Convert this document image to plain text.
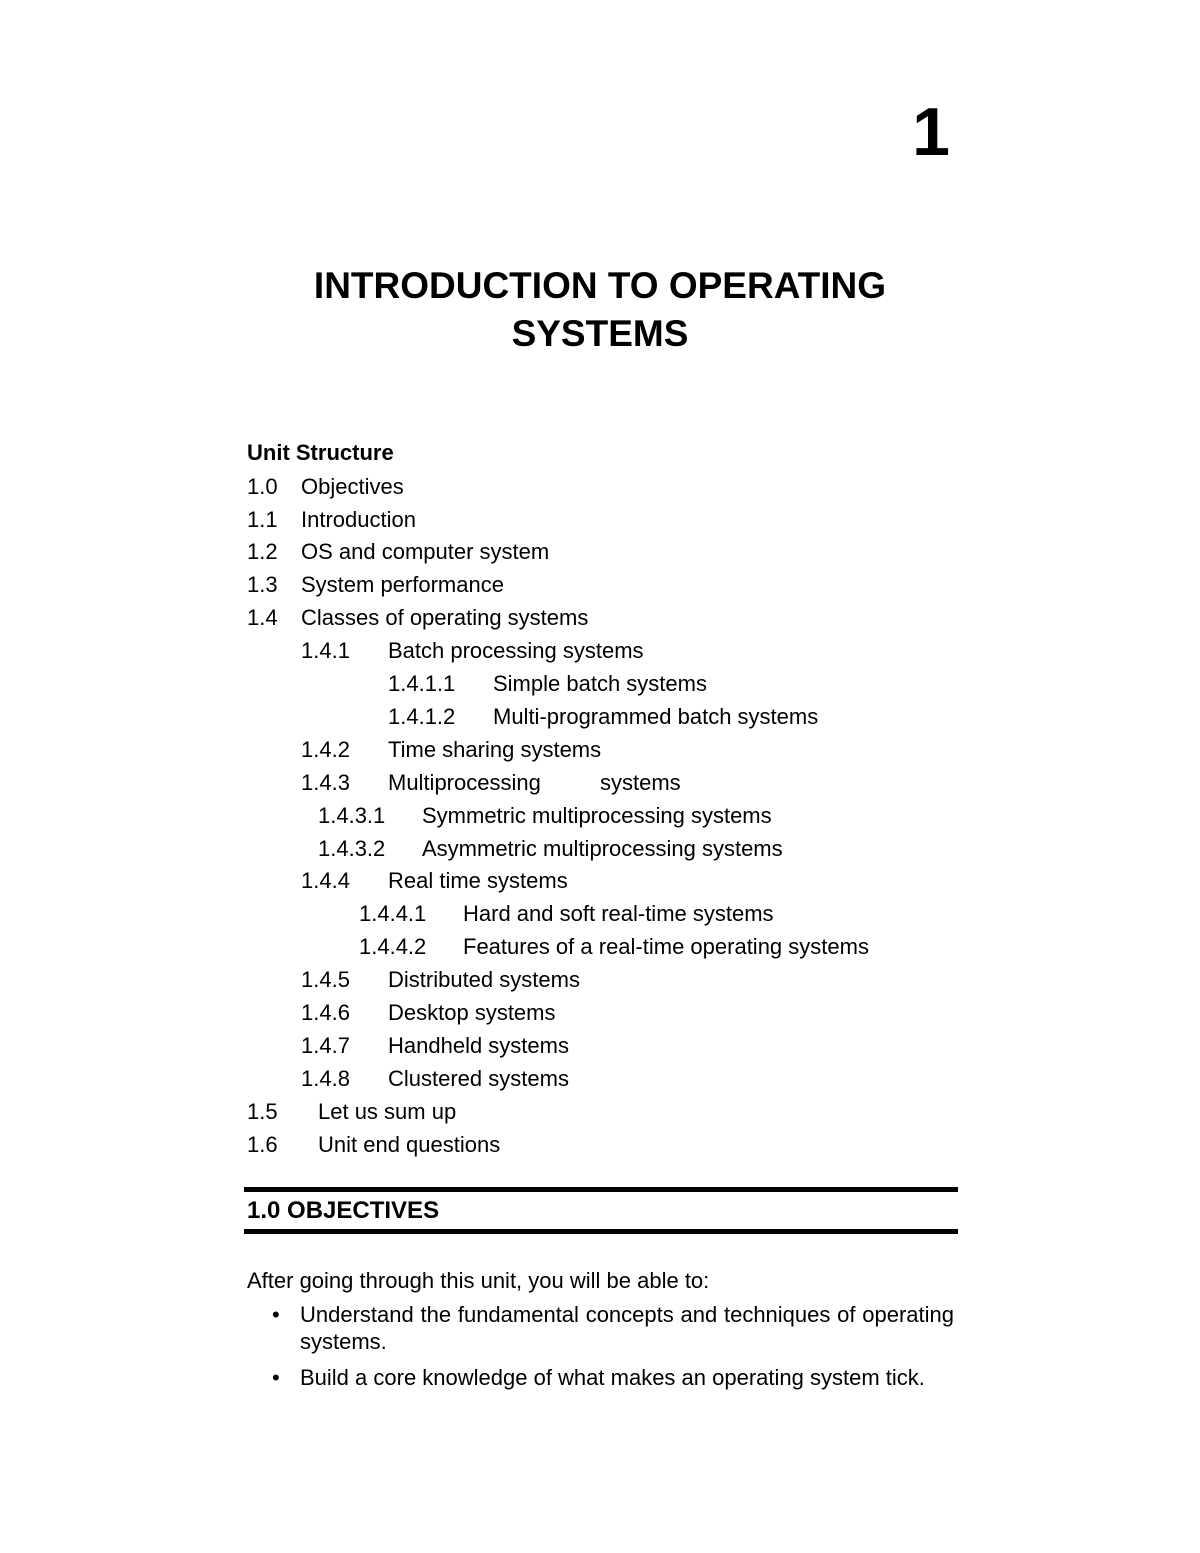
1
INTRODUCTION TO OPERATING
SYSTEMS
Unit Structure
1.0 Objectives
1.1 Introduction
1.2 OS and computer system
1.3 System performance
1.4 Classes of operating systems
1.4.1 Batch processing systems
1.4.1.1 Simple batch systems
1.4.1.2 Multi-programmed batch systems
1.4.2 Time sharing systems
1.4.3 Multiprocessing	systems
1.4.3.1 Symmetric multiprocessing systems
1.4.3.2 Asymmetric multiprocessing systems
1.4.4 Real time systems
1.4.4.1 Hard and soft real-time systems
1.4.4.2 Features of a real-time operating systems
1.4.5 Distributed systems
1.4.6 Desktop systems
1.4.7 Handheld systems
1.4.8 Clustered systems
1.5 Let us sum up
1.6 Unit end questions
1.0 OBJECTIVES
After going through this unit, you will be able to:
• Understand the fundamental concepts and techniques of operating systems.
• Build a core knowledge of what makes an operating system tick.
